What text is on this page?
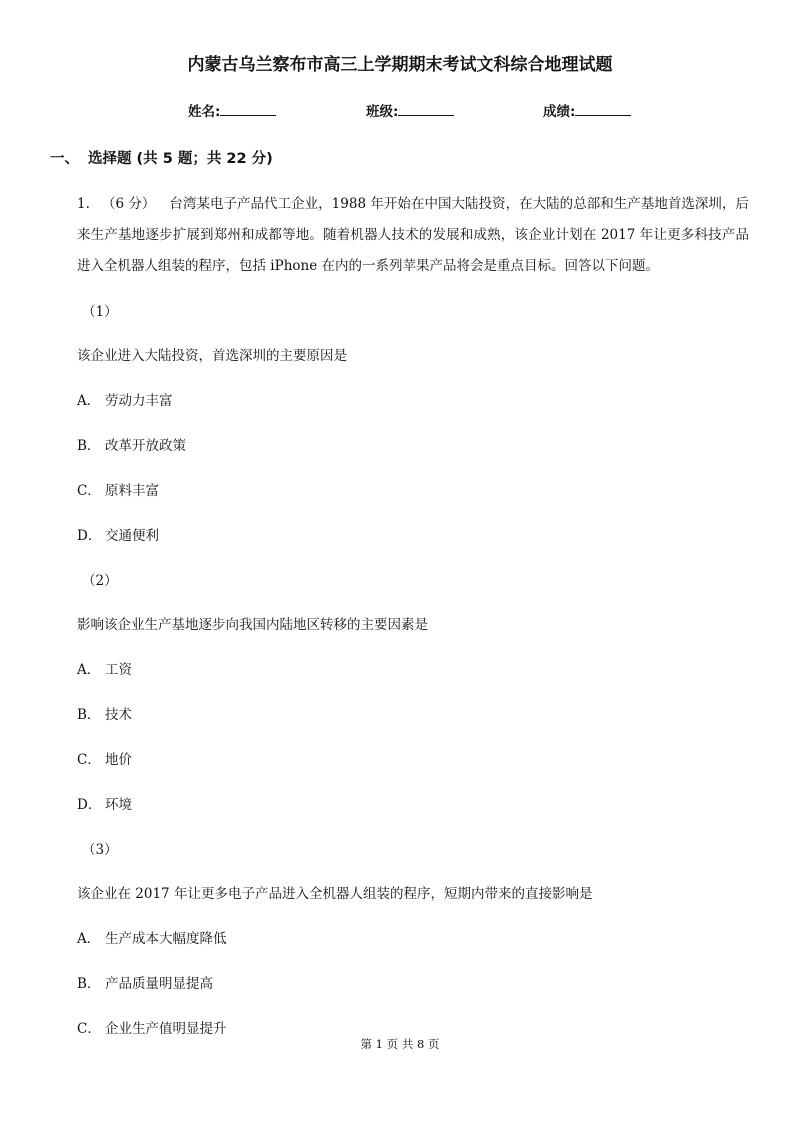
内蒙古乌兰察布市高三上学期期末考试文科综合地理试题
姓名:	班级:	成绩:
一、 选择题 (共 5 题；共 22 分)
1. （6 分） 台湾某电子产品代工企业，1988 年开始在中国大陆投资，在大陆的总部和生产基地首选深圳，后来生产基地逐步扩展到郑州和成都等地。随着机器人技术的发展和成熟，该企业计划在 2017 年让更多科技产品进入全机器人组装的程序，包括 iPhone 在内的一系列苹果产品将会是重点目标。回答以下问题。
（1）
该企业进入大陆投资，首选深圳的主要原因是
A． 劳动力丰富
B． 改革开放政策
C． 原料丰富
D． 交通便利
（2）
影响该企业生产基地逐步向我国内陆地区转移的主要因素是
A． 工资
B． 技术
C． 地价
D． 环境
（3）
该企业在 2017 年让更多电子产品进入全机器人组装的程序，短期内带来的直接影响是
A． 生产成本大幅度降低
B． 产品质量明显提高
C． 企业生产值明显提升
第 1 页 共 8 页
